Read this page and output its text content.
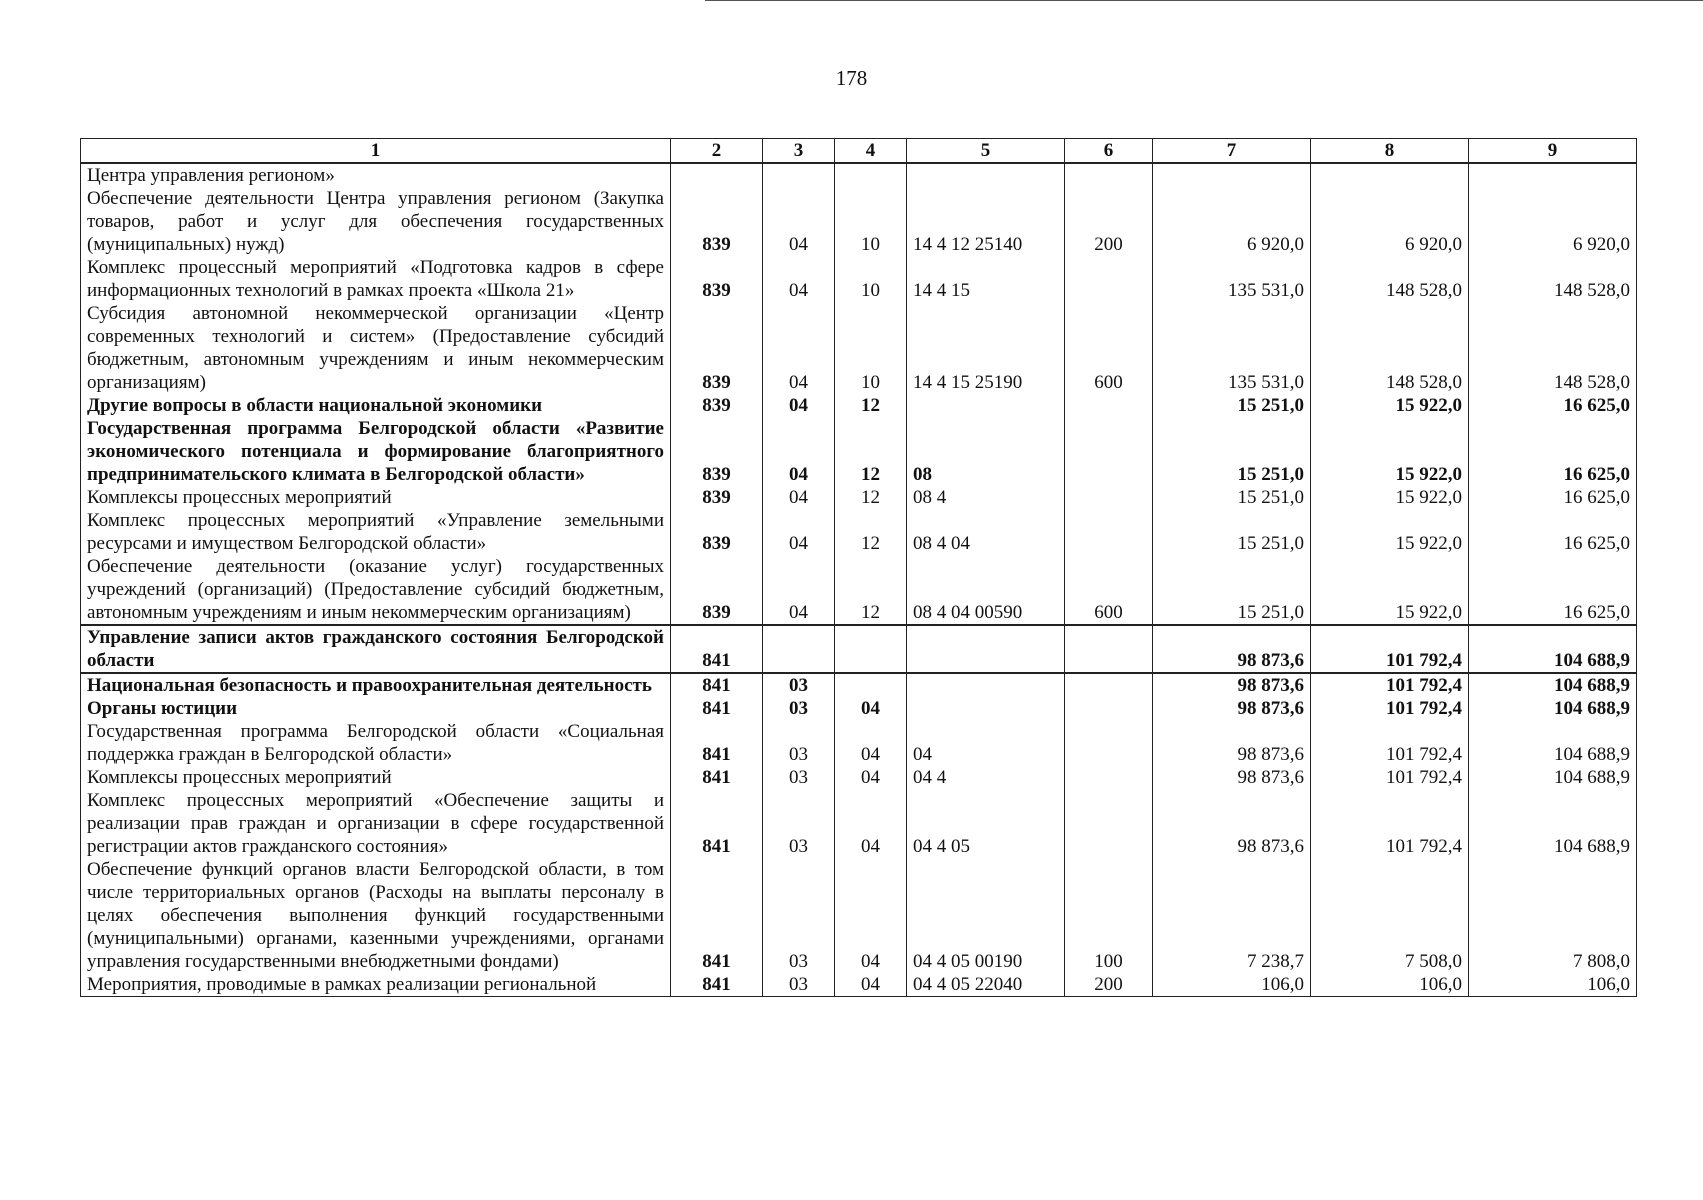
178
1	2	3	4	5	6	7	8	9
Центра управления регионом»								
Обеспечение деятельности Центра управления регионом (Закупка товаров, работ и услуг для обеспечения государственных (муниципальных) нужд)	839	04	10	14 4 12 25140	200	6 920,0	6 920,0	6 920,0
Комплекс процессный мероприятий «Подготовка кадров в сфере информационных технологий в рамках проекта «Школа 21»	839	04	10	14 4 15		135 531,0	148 528,0	148 528,0
Субсидия автономной некоммерческой организации «Центр современных технологий и систем» (Предоставление субсидий бюджетным, автономным учреждениям и иным некоммерческим организациям)	839	04	10	14 4 15 25190	600	135 531,0	148 528,0	148 528,0
Другие вопросы в области национальной экономики	839	04	12			15 251,0	15 922,0	16 625,0
Государственная программа Белгородской области «Развитие экономического потенциала и формирование благоприятного предпринимательского климата в Белгородской области»	839	04	12	08		15 251,0	15 922,0	16 625,0
Комплексы процессных мероприятий	839	04	12	08 4		15 251,0	15 922,0	16 625,0
Комплекс процессных мероприятий «Управление земельными ресурсами и имуществом Белгородской области»	839	04	12	08 4 04		15 251,0	15 922,0	16 625,0
Обеспечение деятельности (оказание услуг) государственных учреждений (организаций) (Предоставление субсидий бюджетным, автономным учреждениям и иным некоммерческим организациям)	839	04	12	08 4 04 00590	600	15 251,0	15 922,0	16 625,0
Управление записи актов гражданского состояния Белгородской области	841					98 873,6	101 792,4	104 688,9
Национальная безопасность и правоохранительная деятельность	841	03				98 873,6	101 792,4	104 688,9
Органы юстиции	841	03	04			98 873,6	101 792,4	104 688,9
Государственная программа Белгородской области «Социальная поддержка граждан в Белгородской области»	841	03	04	04		98 873,6	101 792,4	104 688,9
Комплексы процессных мероприятий	841	03	04	04 4		98 873,6	101 792,4	104 688,9
Комплекс процессных мероприятий «Обеспечение защиты и реализации прав граждан и организации в сфере государственной регистрации актов гражданского состояния»	841	03	04	04 4 05		98 873,6	101 792,4	104 688,9
Обеспечение функций органов власти Белгородской области, в том числе территориальных органов (Расходы на выплаты персоналу в целях обеспечения выполнения функций государственными (муниципальными) органами, казенными учреждениями, органами управления государственными внебюджетными фондами)	841	03	04	04 4 05 00190	100	7 238,7	7 508,0	7 808,0
Мероприятия, проводимые в рамках реализации региональной	841	03	04	04 4 05 22040	200	106,0	106,0	106,0
